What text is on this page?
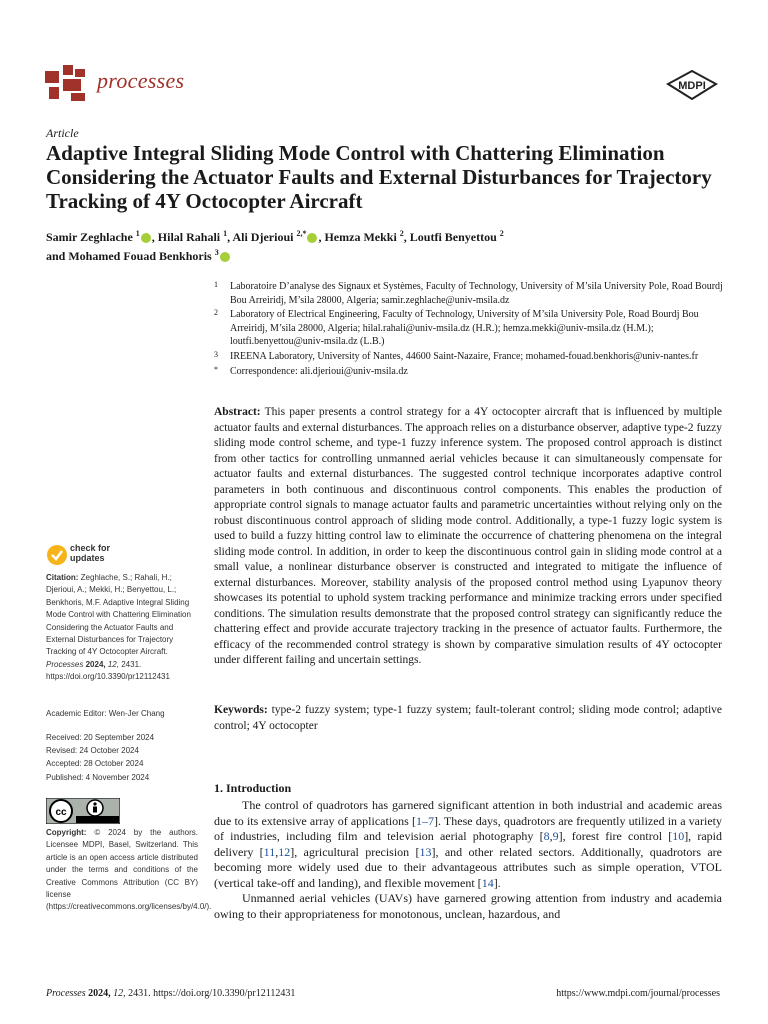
processes	MDPI
Article
Adaptive Integral Sliding Mode Control with Chattering Elimination Considering the Actuator Faults and External Disturbances for Trajectory Tracking of 4Y Octocopter Aircraft
Samir Zeghlache $^1$ , Hilal Rahali $^1$, Ali Djerioui $^{2,*}$ , Hemza Mekki $^2$, Loutfi Benyettou $^2$
and Mohamed Fouad Benkhoris $^3$
1 Laboratoire D’analyse des Signaux et Systèmes, Faculty of Technology, University of M’sila University Pole, Road Bourdj Bou Arreiridj, M’sila 28000, Algeria; samir.zeghlache@univ-msila.dz
2 Laboratory of Electrical Engineering, Faculty of Technology, University of M’sila University Pole, Road Bourdj Bou Arreiridj, M’sila 28000, Algeria; hilal.rahali@univ-msila.dz (H.R.); hemza.mekki@univ-msila.dz (H.M.); loutfi.benyettou@univ-msila.dz (L.B.)
3 IREENA Laboratory, University of Nantes, 44600 Saint-Nazaire, France; mohamed-fouad.benkhoris@univ-nantes.fr
* Correspondence: ali.djerioui@univ-msila.dz
Abstract: This paper presents a control strategy for a 4Y octocopter aircraft that is influenced by multiple actuator faults and external disturbances. The approach relies on a disturbance observer, adaptive type-2 fuzzy sliding mode control scheme, and type-1 fuzzy inference system. The proposed control approach is distinct from other tactics for controlling unmanned aerial vehicles because it can simultaneously compensate for actuator faults and external disturbances. The suggested control technique incorporates adaptive control parameters in both continuous and discontinuous control components. This enables the production of appropriate control signals to manage actuator faults and parametric uncertainties without relying only on the robust discontinuous control approach of sliding mode control. Additionally, a type-1 fuzzy logic system is used to build a fuzzy hitting control law to eliminate the occurrence of chattering phenomena on the integral sliding mode control. In addition, in order to keep the discontinuous control gain in sliding mode control at a small value, a nonlinear disturbance observer is constructed and integrated to mitigate the influence of external disturbances. Moreover, stability analysis of the proposed control method using Lyapunov theory showcases its potential to uphold system tracking performance and minimize tracking errors under specified conditions. The simulation results demonstrate that the proposed control strategy can significantly reduce the chattering effect and provide accurate trajectory tracking in the presence of actuator faults. Furthermore, the efficacy of the recommended control strategy is shown by comparative simulation results of 4Y octocopter under different failing and uncertain settings.
Keywords: type-2 fuzzy system; type-1 fuzzy system; fault-tolerant control; sliding mode control; adaptive control; 4Y octocopter
check for
updates
Citation: Zeghlache, S.; Rahali, H.; Djerioui, A.; Mekki, H.; Benyettou, L.; Benkhoris, M.F. Adaptive Integral Sliding Mode Control with Chattering Elimination Considering the Actuator Faults and External Disturbances for Trajectory Tracking of 4Y Octocopter Aircraft. Processes 2024, 12, 2431. https://doi.org/10.3390/pr12112431
Academic Editor: Wen-Jer Chang
Received: 20 September 2024
Revised: 24 October 2024
Accepted: 28 October 2024
Published: 4 November 2024
cc
Copyright: © 2024 by the authors. Licensee MDPI, Basel, Switzerland. This article is an open access article distributed under the terms and conditions of the Creative Commons Attribution (CC BY) license (https://creativecommons.org/licenses/by/4.0/).
1. Introduction

The control of quadrotors has garnered significant attention in both industrial and academic areas due to its extensive array of applications [1–7]. These days, quadrotors are frequently utilized in a variety of industries, including film and television aerial photography [8,9], forest fire control [10], rapid delivery [11,12], agricultural precision [13], and other related sectors. Additionally, quadrotors are becoming more widely used due to their advantageous attributes such as simple operation, VTOL (vertical take-off and landing), and flexible movement [14].

Unmanned aerial vehicles (UAVs) have garnered growing attention from industry and academia owing to their appropriateness for monotonous, unclean, hazardous, and

Processes 2024, 12, 2431. https://doi.org/10.3390/pr12112431	https://www.mdpi.com/journal/processes
